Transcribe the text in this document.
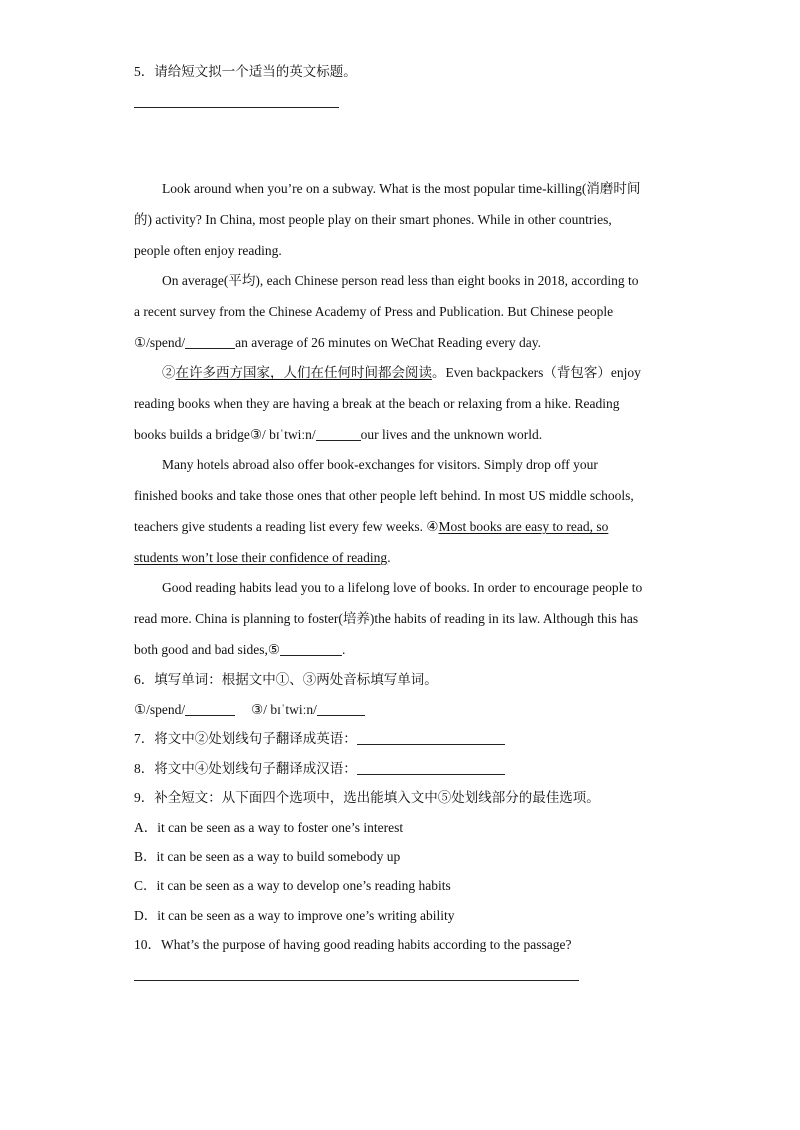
5．请给短文拟一个适当的英文标题。
Look around when you’re on a subway. What is the most popular time-killing(消磨时间
的) activity? In China, most people play on their smart phones. While in other countries,
people often enjoy reading.
On average(平均), each Chinese person read less than eight books in 2018, according to
a recent survey from the Chinese Academy of Press and Publication. But Chinese people
①/spend/	an average of 26 minutes on WeChat Reading every day.
②在许多西方国家，人们在任何时间都会阅读。Even backpackers（背包客）enjoy
reading books when they are having a break at the beach or relaxing from a hike. Reading
books builds a bridge③/ bɪˈtwiːn/	our lives and the unknown world.
Many hotels abroad also offer book-exchanges for visitors. Simply drop off your
finished books and take those ones that other people left behind. In most US middle schools,
teachers give students a reading list every few weeks. ④Most books are easy to read, so
students won’t lose their confidence of reading.
Good reading habits lead you to a lifelong love of books. In order to encourage people to
read more. China is planning to foster(培养)the habits of reading in its law. Although this has
both good and bad sides,⑤	.
6．填写单词：根据文中①、③两处音标填写单词。
①/spend/	③/ bɪˈtwiːn/
7．将文中②处划线句子翻译成英语：
8．将文中④处划线句子翻译成汉语：
9．补全短文：从下面四个选项中，选出能填入文中⑤处划线部分的最佳选项。
A．it can be seen as a way to foster one’s interest
B．it can be seen as a way to build somebody up
C．it can be seen as a way to develop one’s reading habits
D．it can be seen as a way to improve one’s writing ability
10．What’s the purpose of having good reading habits according to the passage?
